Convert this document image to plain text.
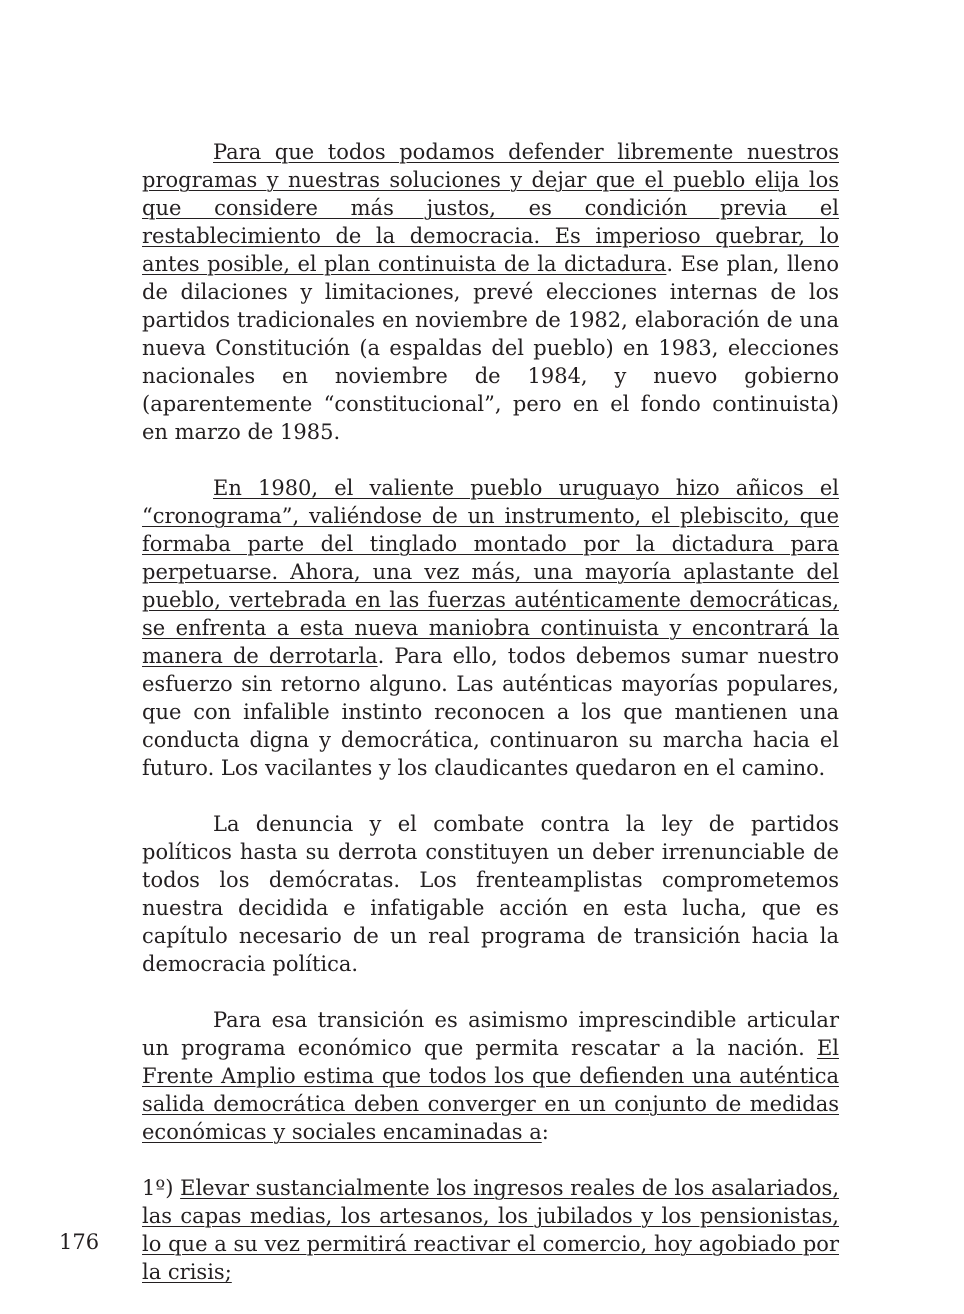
Para que todos podamos defender libremente nuestros programas y nuestras soluciones y dejar que el pueblo elija los que considere más justos, es condición previa el restablecimiento de la democracia. Es imperioso quebrar, lo antes posible, el plan continuista de la dictadura. Ese plan, lleno de dilaciones y limitaciones, prevé elecciones internas de los partidos tradicionales en noviembre de 1982, elaboración de una nueva Constitución (a espaldas del pueblo) en 1983, elecciones nacionales en noviembre de 1984, y nuevo gobierno (aparentemente “constitucional”, pero en el fondo continuista) en marzo de 1985.

En 1980, el valiente pueblo uruguayo hizo añicos el “cronograma”, valiéndose de un instrumento, el plebiscito, que formaba parte del tinglado montado por la dictadura para perpetuarse. Ahora, una vez más, una mayoría aplastante del pueblo, vertebrada en las fuerzas auténticamente democráticas, se enfrenta a esta nueva maniobra continuista y encontrará la manera de derrotarla. Para ello, todos debemos sumar nuestro esfuerzo sin retorno alguno. Las auténticas mayorías populares, que con infalible instinto reconocen a los que mantienen una conducta digna y democrática, continuaron su marcha hacia el futuro. Los vacilantes y los claudicantes quedaron en el camino.

La denuncia y el combate contra la ley de partidos políticos hasta su derrota constituyen un deber irrenunciable de todos los demócratas. Los frenteamplistas comprometemos nuestra decidida e infatigable acción en esta lucha, que es capítulo necesario de un real programa de transición hacia la democracia política.

Para esa transición es asimismo imprescindible articular un programa económico que permita rescatar a la nación. El Frente Amplio estima que todos los que defienden una auténtica salida democrática deben converger en un conjunto de medidas económicas y sociales encaminadas a:

1º) Elevar sustancialmente los ingresos reales de los asalariados, las capas medias, los artesanos, los jubilados y los pensionistas, lo que a su vez permitirá reactivar el comercio, hoy agobiado por la crisis;

176
